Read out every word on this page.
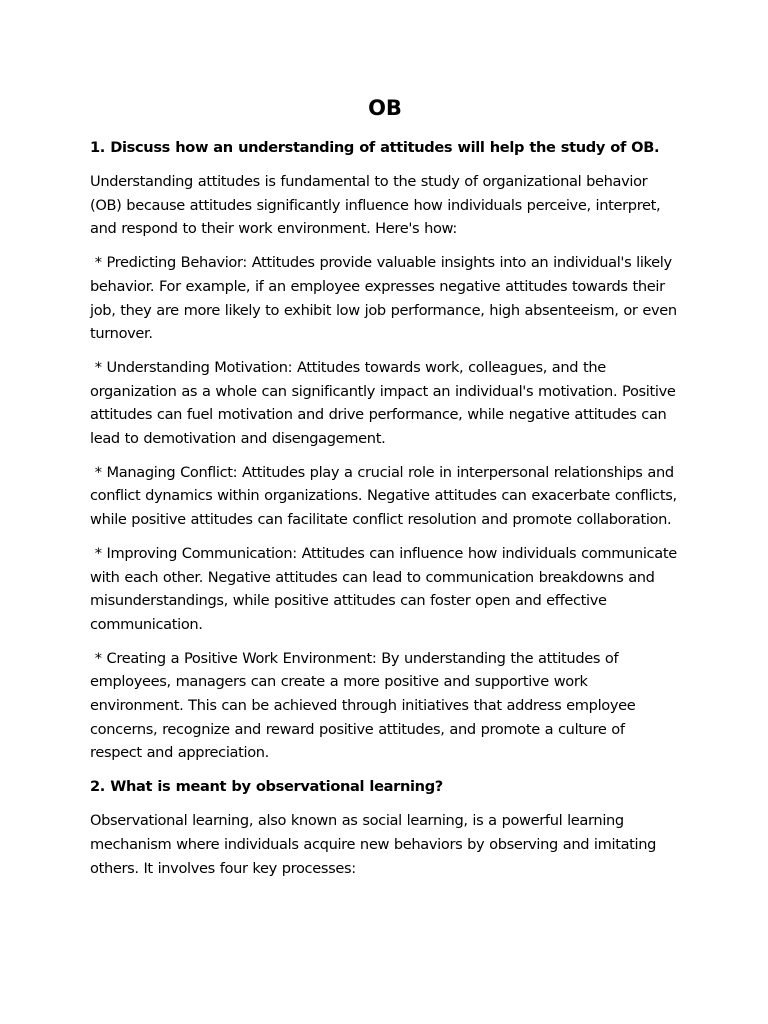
OB

1. Discuss how an understanding of attitudes will help the study of OB.

Understanding attitudes is fundamental to the study of organizational behavior (OB) because attitudes significantly influence how individuals perceive, interpret, and respond to their work environment. Here's how:

* Predicting Behavior: Attitudes provide valuable insights into an individual's likely behavior. For example, if an employee expresses negative attitudes towards their job, they are more likely to exhibit low job performance, high absenteeism, or even turnover.

* Understanding Motivation: Attitudes towards work, colleagues, and the organization as a whole can significantly impact an individual's motivation. Positive attitudes can fuel motivation and drive performance, while negative attitudes can lead to demotivation and disengagement.

* Managing Conflict: Attitudes play a crucial role in interpersonal relationships and conflict dynamics within organizations. Negative attitudes can exacerbate conflicts, while positive attitudes can facilitate conflict resolution and promote collaboration.

* Improving Communication: Attitudes can influence how individuals communicate with each other. Negative attitudes can lead to communication breakdowns and misunderstandings, while positive attitudes can foster open and effective communication.

* Creating a Positive Work Environment: By understanding the attitudes of employees, managers can create a more positive and supportive work environment. This can be achieved through initiatives that address employee concerns, recognize and reward positive attitudes, and promote a culture of respect and appreciation.

2. What is meant by observational learning?

Observational learning, also known as social learning, is a powerful learning mechanism where individuals acquire new behaviors by observing and imitating others. It involves four key processes:
